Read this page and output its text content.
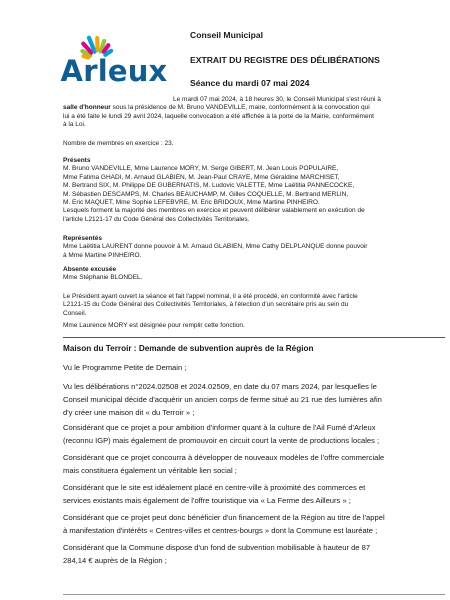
Arleux
Conseil Municipal
EXTRAIT DU REGISTRE DES DÉLIBÉRATIONS
Séance du mardi 07 mai 2024
Le mardi 07 mai 2024, à 18 heures 30, le Conseil Municipal s'est réuni à
salle d'honneur sous la présidence de M. Bruno VANDEVILLE, maire, conformément à la convocation qui
lui a été faite le lundi 29 avril 2024, laquelle convocation a été affichée à la porte de la Mairie, conformément
à la Loi.
Nombre de membres en exercice : 23.
Présents
M. Bruno VANDEVILLE, Mme Laurence MORY, M. Serge GIBERT, M. Jean Louis POPULAIRE,
Mme Fatima GHADI, M. Arnaud GLABIEN, M. Jean-Paul CRAYE, Mme Géraldine MARCHISET,
M. Bertrand SIX, M. Philippe DE GUBERNATIS, M. Ludovic VALETTE, Mme Laëtitia PANNECOCKE,
M. Sébastien DESCAMPS, M. Charles BEAUCHAMP, M. Gilles COQUELLE, M. Bertrand MERLIN,
M. Eric MAQUET, Mme Sophie LEFEBVRE, M. Eric BRIDOUX, Mme Martine PINHEIRO.
Lesquels forment la majorité des membres en exercice et peuvent délibérer valablement en exécution de
l'article L2121-17 du Code Général des Collectivités Territoriales.
Représentés
Mme Laëtitia LAURENT donne pouvoir à M. Arnaud GLABIEN, Mme Cathy DELPLANQUE donne pouvoir
à Mme Martine PINHEIRO.
Absente excusée
Mme Stéphanie BLONDEL.
Le Président ayant ouvert la séance et fait l'appel nominal, il a été procédé, en conformité avec l'article
L2121-15 du Code Général des Collectivités Territoriales, à l'élection d'un secrétaire pris au sein du
Conseil.
Mme Laurence MORY est désignée pour remplir cette fonction.
Maison du Terroir : Demande de subvention auprès de la Région
Vu le Programme Petite de Demain ;
Vu les délibérations n°2024.02508 et 2024.02509, en date du 07 mars 2024, par lesquelles le
Conseil municipal décide d'acquérir un ancien corps de ferme situé au 21 rue des lumières afin
d'y créer une maison dit « du Terroir » ;
Considérant que ce projet a pour ambition d'informer quant à la culture de l'Ail Fumé d'Arleux
(reconnu IGP) mais également de promouvoir en circuit court la vente de productions locales ;
Considérant que ce projet concourra à développer de nouveaux modèles de l'offre commerciale
mais constituera également un véritable lien social ;
Considérant que le site est idéalement placé en centre-ville à proximité des commerces et
services existants mais également de l'offre touristique via « La Ferme des Ailleurs » ;
Considérant que ce projet peut donc bénéficier d'un financement de la Région au titre de l'appel
à manifestation d'intérêts « Centres-villes et centres-bourgs » dont la Commune est lauréate ;
Considérant que la Commune dispose d'un fond de subvention mobilisable à hauteur de 87
284,14 € auprès de la Région ;
